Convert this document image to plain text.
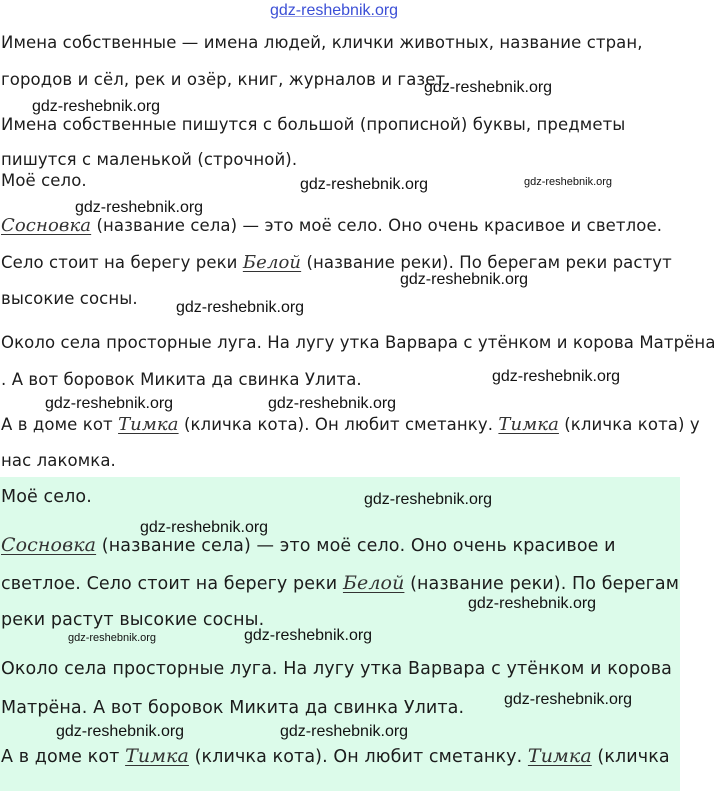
gdz-reshebnik.org
Имена собственные — имена людей, клички животных, название стран,
городов и сёл, рек и озёр, книг, журналов и газет.
Имена собственные пишутся с большой (прописной) буквы, предметы
пишутся с маленькой (строчной).
Моё село.
Сосновка (название села) — это моё село. Оно очень красивое и светлое.
Село стоит на берегу реки Белой (название реки). По берегам реки растут
высокие сосны.
Около села просторные луга. На лугу утка Варвара с утёнком и корова Матрёна
. А вот боровок Микита да свинка Улита.
А в доме кот Тимка (кличка кота). Он любит сметанку. Тимка (кличка кота) у
нас лакомка.
Моё село.
Сосновка (название села) — это моё село. Оно очень красивое и
светлое. Село стоит на берегу реки Белой (название реки). По берегам
реки растут высокие сосны.
Около села просторные луга. На лугу утка Варвара с утёнком и корова
Матрёна. А вот боровок Микита да свинка Улита.
А в доме кот Тимка (кличка кота). Он любит сметанку. Тимка (кличка
gdz-reshebnik.org
gdz-reshebnik.org
gdz-reshebnik.org	gdz-reshebnik.org
gdz-reshebnik.org
gdz-reshebnik.org
gdz-reshebnik.org
gdz-reshebnik.org
gdz-reshebnik.org	gdz-reshebnik.org
gdz-reshebnik.org
gdz-reshebnik.org
gdz-reshebnik.org
gdz-reshebnik.org	gdz-reshebnik.org
gdz-reshebnik.org
gdz-reshebnik.org	gdz-reshebnik.org
